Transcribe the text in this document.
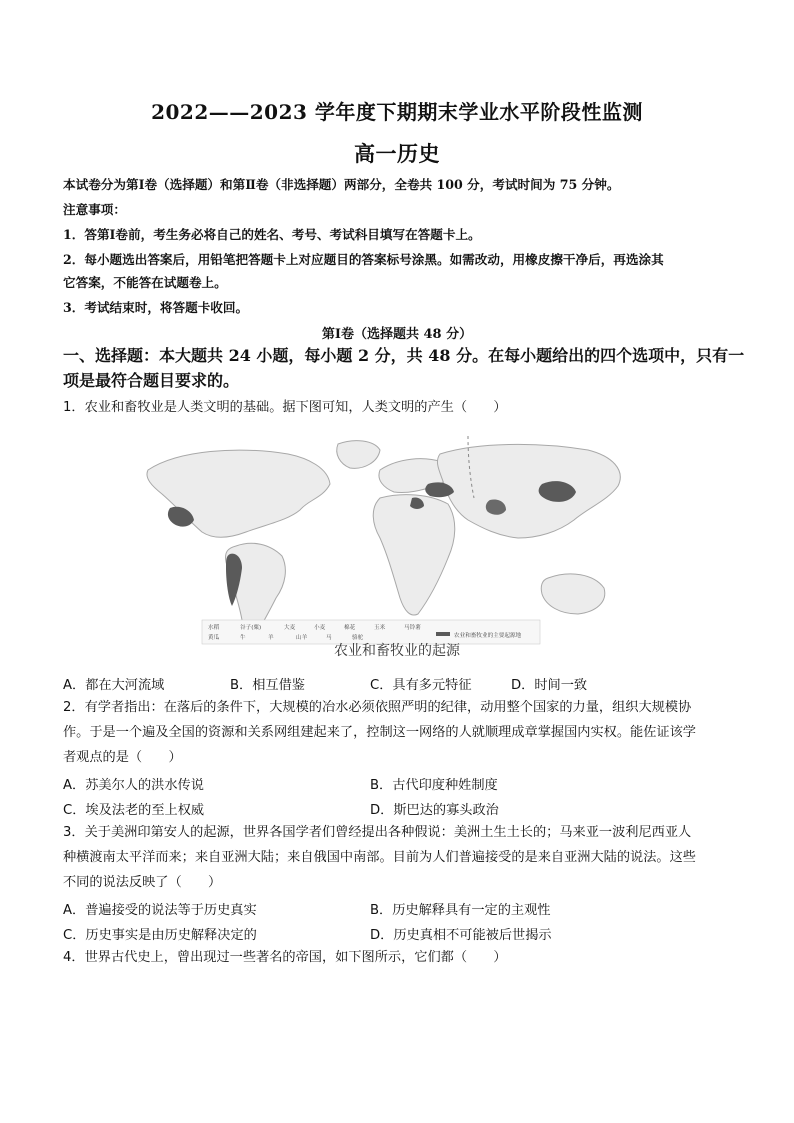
2022——2023 学年度下期期末学业水平阶段性监测
高一历史
本试卷分为第Ⅰ卷（选择题）和第Ⅱ卷（非选择题）两部分，全卷共 100 分，考试时间为 75 分钟。
注意事项：
1．答第Ⅰ卷前，考生务必将自己的姓名、考号、考试科目填写在答题卡上。
2．每小题选出答案后，用铅笔把答题卡上对应题目的答案标号涂黑。如需改动，用橡皮擦干净后，再选涂其
它答案，不能答在试题卷上。
3．考试结束时，将答题卡收回。
第Ⅰ卷（选择题共 48 分）
一、选择题：本大题共 24 小题，每小题 2 分，共 48 分。在每小题给出的四个选项中，只有一
项是最符合题目要求的。
1．农业和畜牧业是人类文明的基础。据下图可知，人类文明的产生（　　）
水稻	谷子(粟)	大麦	小麦	棉花	玉米	马铃薯
黄瓜	牛	羊	山羊	马	骆驼	农业和畜牧业的主要起源地
农业和畜牧业的起源
A．都在大河流域	B．相互借鉴	C．具有多元特征	D．时间一致
2．有学者指出：在落后的条件下，大规模的冶水必须依照严明的纪律，动用整个国家的力量，组织大规模协
作。于是一个遍及全国的资源和关系网组建起来了，控制这一网络的人就顺理成章掌握国内实权。能佐证该学
者观点的是（　　）
A．苏美尔人的洪水传说	B．古代印度种姓制度
C．埃及法老的至上权威	D．斯巴达的寡头政治
3．关于美洲印第安人的起源，世界各国学者们曾经提出各种假说：美洲土生土长的；马来亚一波利尼西亚人
种横渡南太平洋而来；来自亚洲大陆；来自俄国中南部。目前为人们普遍接受的是来自亚洲大陆的说法。这些
不同的说法反映了（　　）
A．普遍接受的说法等于历史真实	B．历史解释具有一定的主观性
C．历史事实是由历史解释决定的	D．历史真相不可能被后世揭示
4．世界古代史上，曾出现过一些著名的帝国，如下图所示，它们都（　　）
